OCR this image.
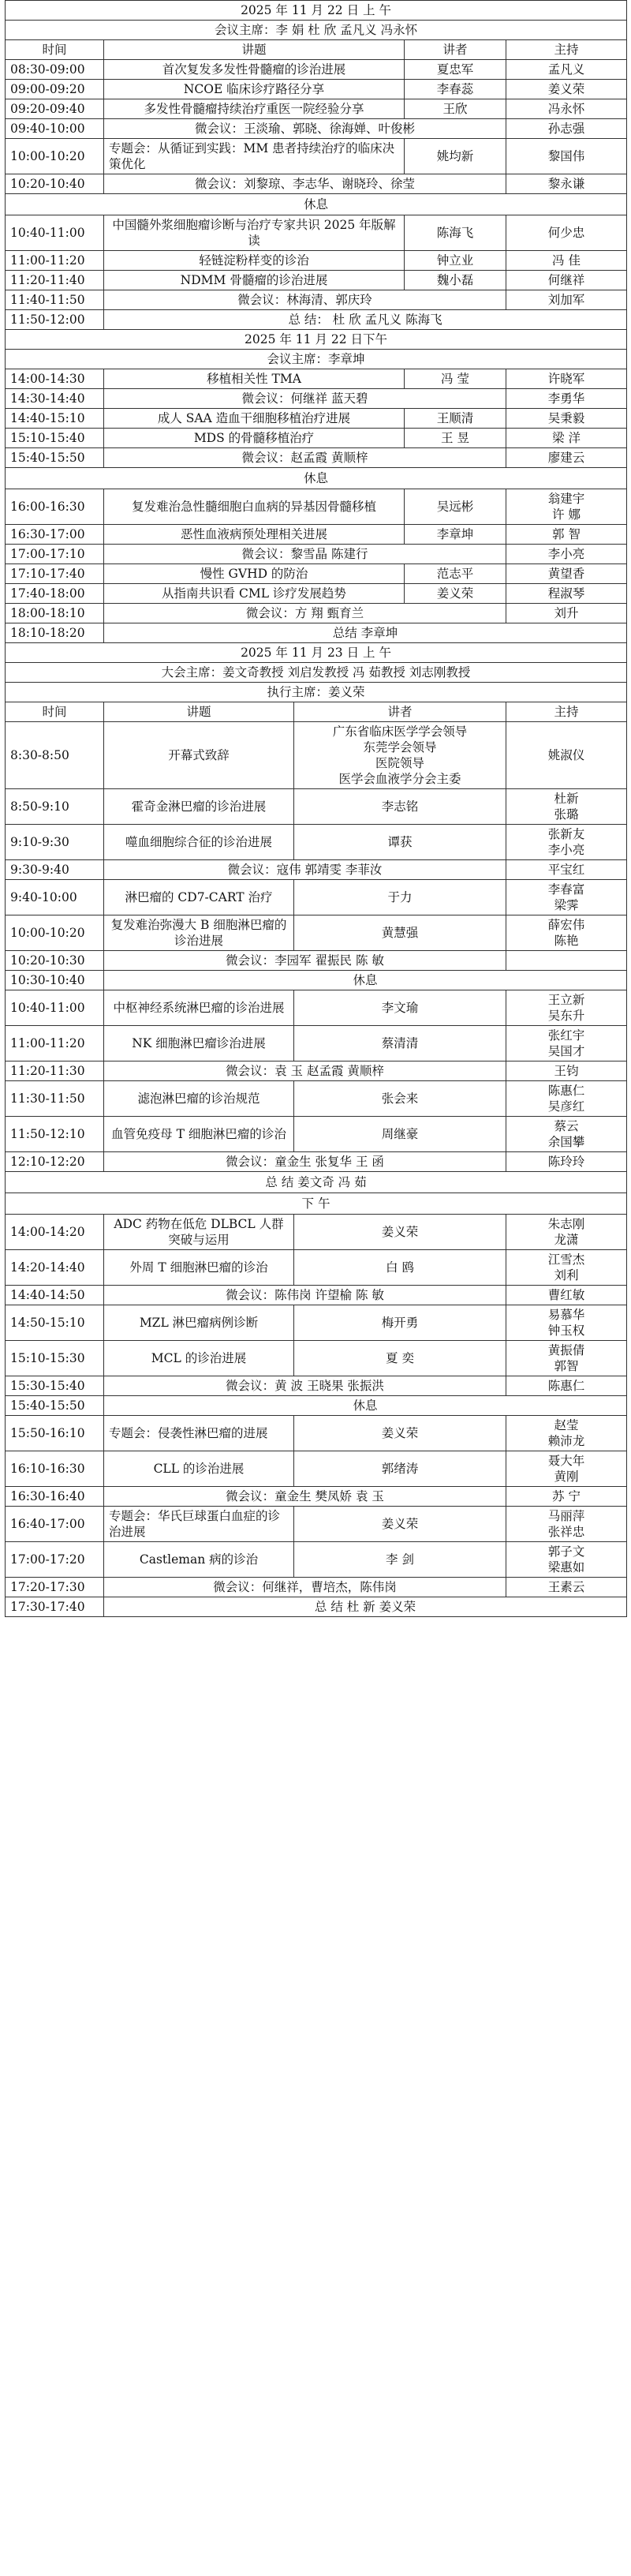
2025 年 11 月 22 日 上 午			
会议主席：李 娟 杜 欣 孟凡义 冯永怀			
时间	讲题	讲者	主持
08:30-09:00	首次复发多发性骨髓瘤的诊治进展	夏忠军	孟凡义
09:00-09:20	NCOE 临床诊疗路径分享	李春蕊	姜义荣
09:20-09:40	多发性骨髓瘤持续治疗重医一院经验分享	王欣	冯永怀
09:40-10:00	微会议：王淡瑜、郭晓、徐海婵、叶俊彬		孙志强
10:00-10:20	专题会：从循证到实践：MM 患者持续治疗的临床决策优化	姚均新	黎国伟
10:20-10:40	微会议：刘黎琼、李志华、谢晓玲、徐莹		黎永谦
休息			
10:40-11:00	中国髓外浆细胞瘤诊断与治疗专家共识 2025 年版解读	陈海飞	何少忠
11:00-11:20	轻链淀粉样变的诊治	钟立业	冯 佳
11:20-11:40	NDMM 骨髓瘤的诊治进展	魏小磊	何继祥
11:40-11:50	微会议：林海清、郭庆玲		刘加军
11:50-12:00	总 结： 杜 欣 孟凡义 陈海飞		
2025 年 11 月 22 日下午			
会议主席：李章坤			
14:00-14:30	移植相关性 TMA	冯 莹	许晓军
14:30-14:40	微会议：何继祥 蓝天碧		李勇华
14:40-15:10	成人 SAA 造血干细胞移植治疗进展	王顺清	吴秉毅
15:10-15:40	MDS 的骨髓移植治疗	王 昱	梁 洋
15:40-15:50	微会议：赵孟霞 黄顺梓		廖建云
休息			
16:00-16:30	复发难治急性髓细胞白血病的异基因骨髓移植	吴远彬	翁建宇
许 娜
16:30-17:00	恶性血液病预处理相关进展	李章坤	郭 智
17:00-17:10	微会议：黎雪晶 陈建行		李小亮
17:10-17:40	慢性 GVHD 的防治	范志平	黄望香
17:40-18:00	从指南共识看 CML 诊疗发展趋势	姜义荣	程淑琴
18:00-18:10	微会议：方 翔 甄育兰		刘升
18:10-18:20	总结 李章坤		
2025 年 11 月 23 日 上 午			
大会主席：姜文奇教授 刘启发教授 冯 茹教授 刘志刚教授			
执行主席：姜义荣			
时间	讲题	讲者	主持
8:30-8:50	开幕式致辞	广东省临床医学学会领导
东莞学会领导
医院领导
医学会血液学分会主委	姚淑仪
8:50-9:10	霍奇金淋巴瘤的诊治进展	李志铭	杜新
张璐
9:10-9:30	噬血细胞综合征的诊治进展	谭获	张新友
李小亮
9:30-9:40	微会议：寇伟 郭靖雯 李菲汝		平宝红
9:40-10:00	淋巴瘤的 CD7-CART 治疗	于力	李春富
梁霁
10:00-10:20	复发难治弥漫大 B 细胞淋巴瘤的诊治进展	黄慧强	薛宏伟
陈艳
10:20-10:30	微会议：李园军 翟振民 陈 敏		
10:30-10:40	休息		
10:40-11:00	中枢神经系统淋巴瘤的诊治进展	李文瑜	王立新
吴东升
11:00-11:20	NK 细胞淋巴瘤诊治进展	蔡清清	张红宇
吴国才
11:20-11:30	微会议：袁 玉 赵孟霞 黄顺梓		王钧
11:30-11:50	滤泡淋巴瘤的诊治规范	张会来	陈惠仁
吴彦红
11:50-12:10	血管免疫母 T 细胞淋巴瘤的诊治	周继豪	蔡云
余国攀
12:10-12:20	微会议：童金生 张复华 王 函		陈玲玲
总 结 姜文奇 冯 茹			
下 午			
14:00-14:20	ADC 药物在低危 DLBCL 人群突破与运用	姜义荣	朱志刚
龙潇
14:20-14:40	外周 T 细胞淋巴瘤的诊治	白 鸥	江雪杰
刘利
14:40-14:50	微会议：陈伟岗 许望榆 陈 敏		曹红敏
14:50-15:10	MZL 淋巴瘤病例诊断	梅开勇	易慕华
钟玉权
15:10-15:30	MCL 的诊治进展	夏 奕	黄振倩
郭智
15:30-15:40	微会议：黄 波 王晓果 张振洪		陈惠仁
15:40-15:50	休息		
15:50-16:10	专题会：侵袭性淋巴瘤的进展	姜义荣	赵莹
赖沛龙
16:10-16:30	CLL 的诊治进展	郭绪涛	聂大年
黄刚
16:30-16:40	微会议：童金生 樊凤娇 袁 玉		苏 宁
16:40-17:00	专题会：华氏巨球蛋白血症的诊治进展	姜义荣	马丽萍
张祥忠
17:00-17:20	Castleman 病的诊治	李 剑	郭子文
梁惠如
17:20-17:30	微会议：何继祥，曹培杰，陈伟岗		王素云
17:30-17:40	总 结 杜 新 姜义荣		
